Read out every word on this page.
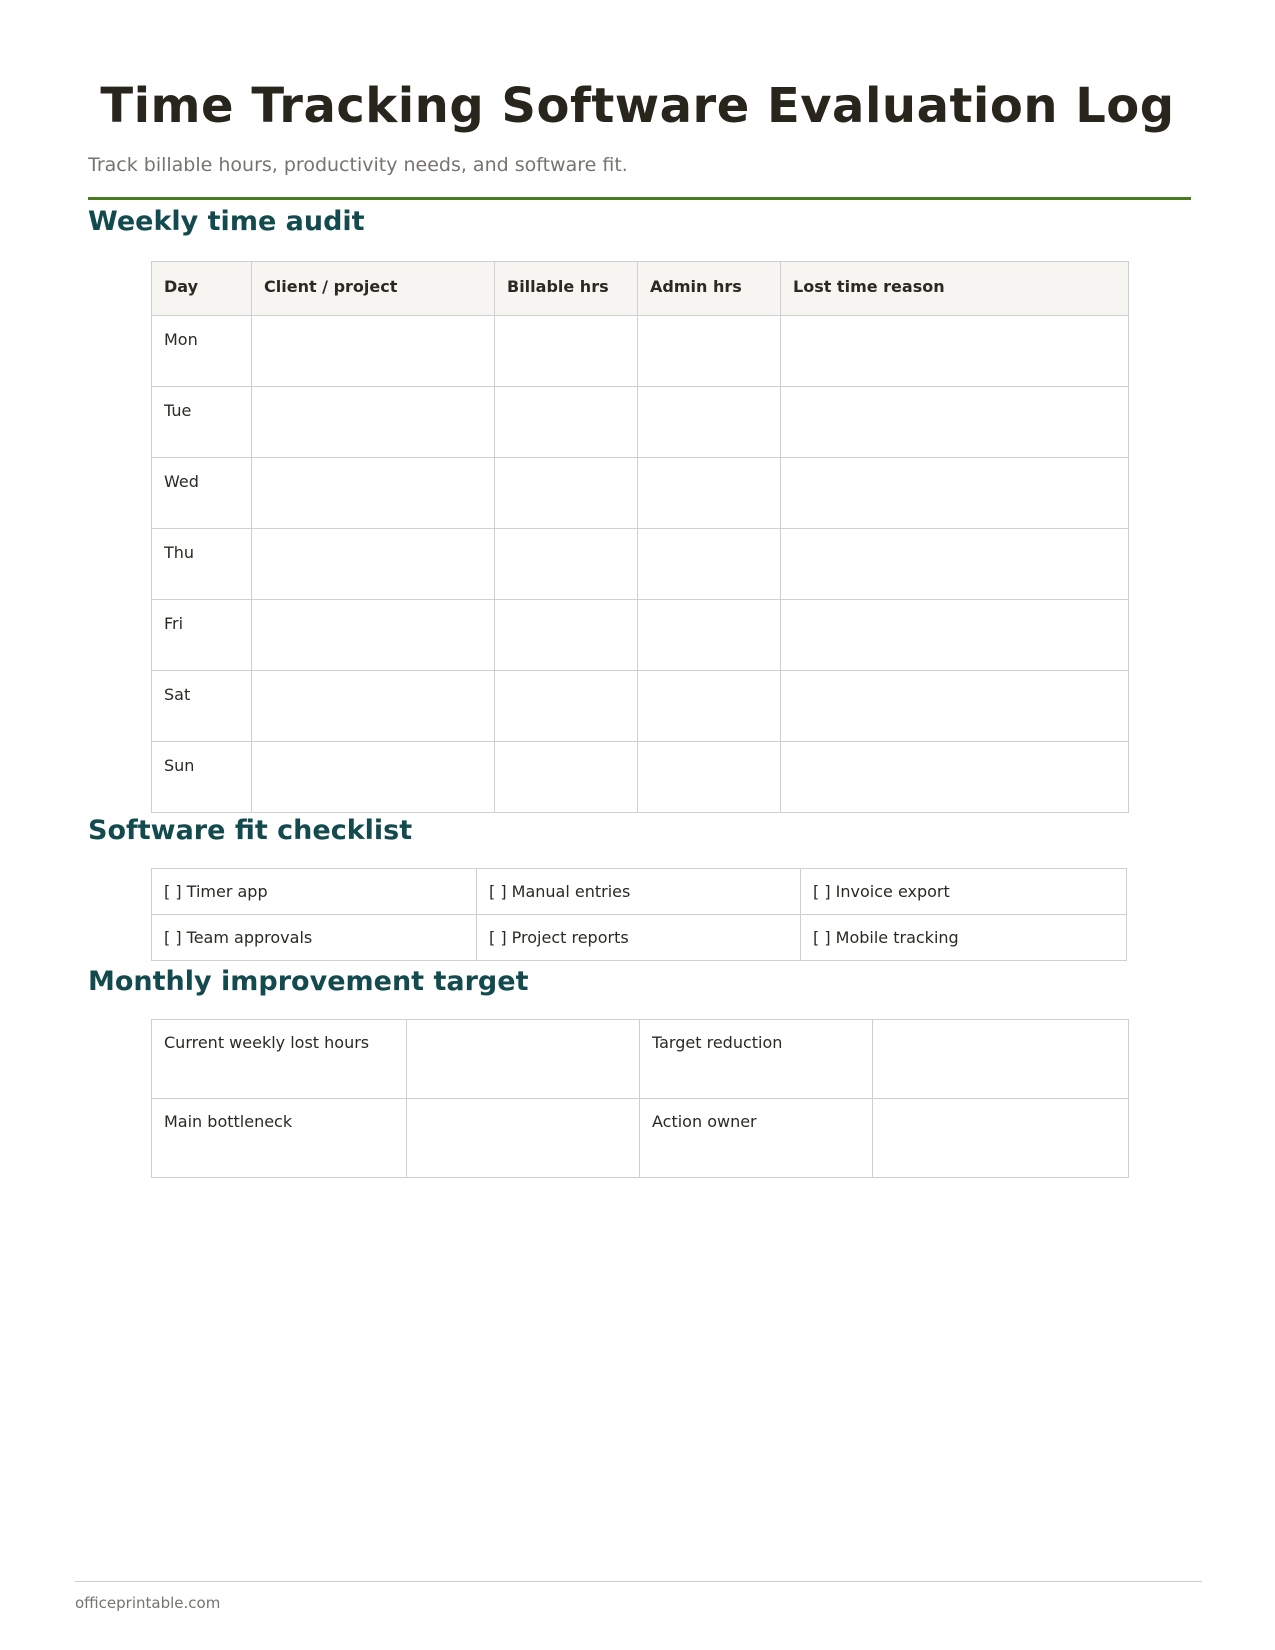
Time Tracking Software Evaluation Log

Track billable hours, productivity needs, and software fit.

Weekly time audit
Day	Client / project	Billable hrs	Admin hrs	Lost time reason
Mon				
Tue				
Wed				
Thu				
Fri				
Sat				
Sun				
Software fit checklist
[ ] Timer app	[ ] Manual entries	[ ] Invoice export
[ ] Team approvals	[ ] Project reports	[ ] Mobile tracking
Monthly improvement target
Current weekly lost hours		Target reduction	
Main bottleneck		Action owner	

officeprintable.com
